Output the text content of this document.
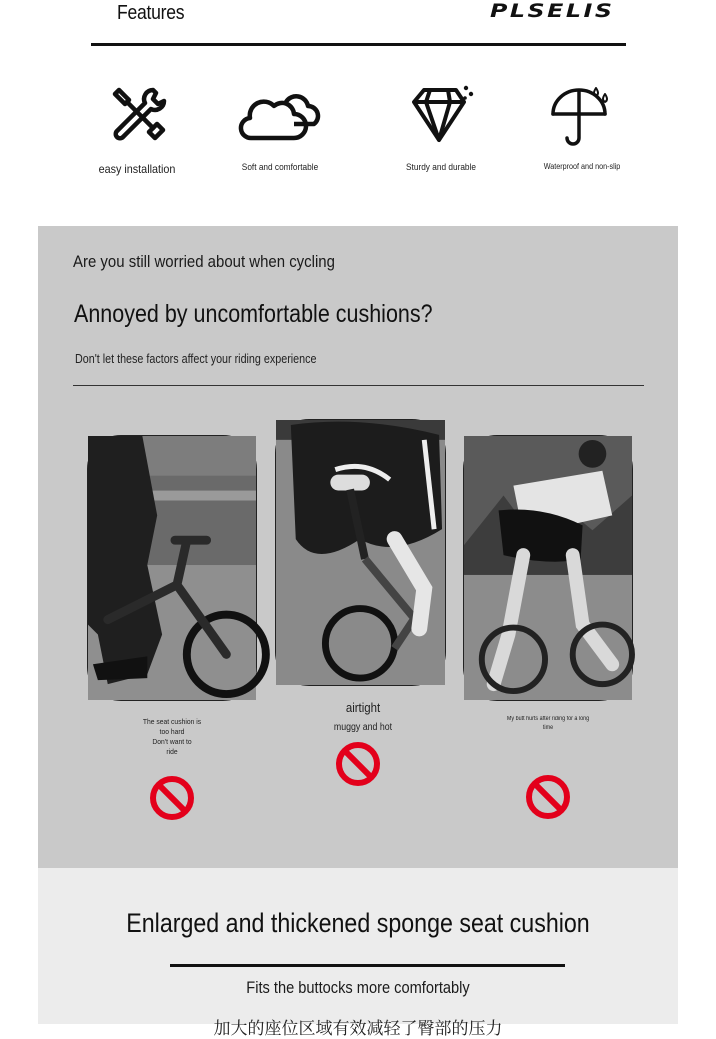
Features	PLSELIS
easy installation	Soft and comfortable	Sturdy and durable	Waterproof and non-slip
Are you still worried about when cycling
Annoyed by uncomfortable cushions?
Don't let these factors affect your riding experience
The seat cushion is
too hard
Don't want to
ride
airtight
muggy and hot
My butt hurts after riding for a long
time
Enlarged and thickened sponge seat cushion
Fits the buttocks more comfortably
加大的座位区域有效减轻了臀部的压力
